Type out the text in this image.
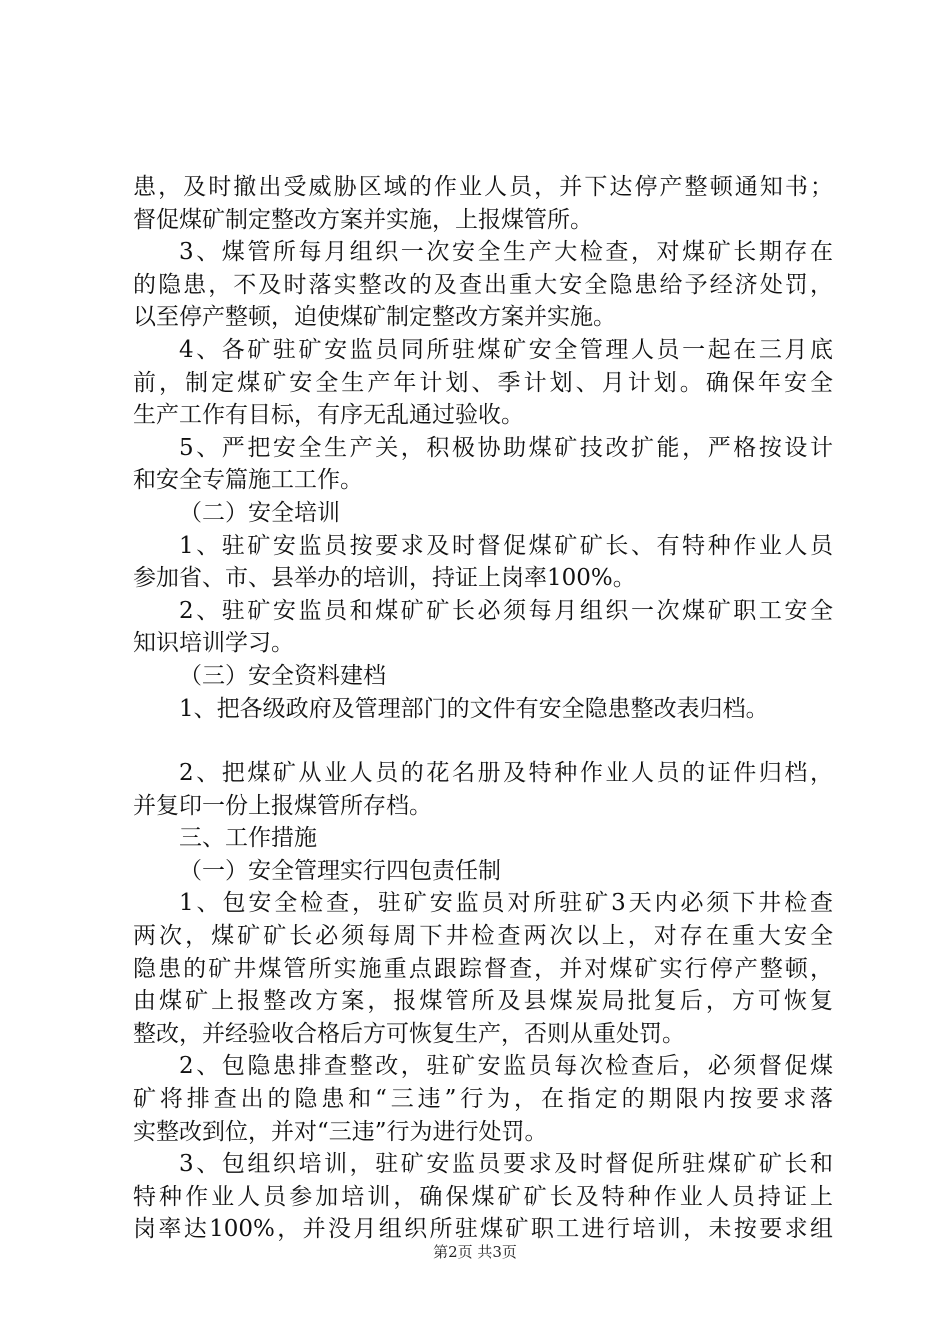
患，及时撤出受威胁区域的作业人员，并下达停产整顿通知书；
督促煤矿制定整改方案并实施，上报煤管所。
3、煤管所每月组织一次安全生产大检查，对煤矿长期存在
的隐患，不及时落实整改的及查出重大安全隐患给予经济处罚，
以至停产整顿，迫使煤矿制定整改方案并实施。
4、各矿驻矿安监员同所驻煤矿安全管理人员一起在三月底
前，制定煤矿安全生产年计划、季计划、月计划。确保年安全
生产工作有目标，有序无乱通过验收。
5、严把安全生产关，积极协助煤矿技改扩能，严格按设计
和安全专篇施工工作。
（二）安全培训
1、驻矿安监员按要求及时督促煤矿矿长、有特种作业人员
参加省、市、县举办的培训，持证上岗率100%。
2、驻矿安监员和煤矿矿长必须每月组织一次煤矿职工安全
知识培训学习。
（三）安全资料建档
1、把各级政府及管理部门的文件有安全隐患整改表归档。
2、把煤矿从业人员的花名册及特种作业人员的证件归档，
并复印一份上报煤管所存档。
三、工作措施
（一）安全管理实行四包责任制
1、包安全检查，驻矿安监员对所驻矿3天内必须下井检查
两次，煤矿矿长必须每周下井检查两次以上，对存在重大安全
隐患的矿井煤管所实施重点跟踪督查，并对煤矿实行停产整顿，
由煤矿上报整改方案，报煤管所及县煤炭局批复后，方可恢复
整改，并经验收合格后方可恢复生产，否则从重处罚。
2、包隐患排查整改，驻矿安监员每次检查后，必须督促煤
矿将排查出的隐患和“三违”行为，在指定的期限内按要求落
实整改到位，并对“三违”行为进行处罚。
3、包组织培训，驻矿安监员要求及时督促所驻煤矿矿长和
特种作业人员参加培训，确保煤矿矿长及特种作业人员持证上
岗率达100%，并没月组织所驻煤矿职工进行培训，未按要求组
第2页 共3页
